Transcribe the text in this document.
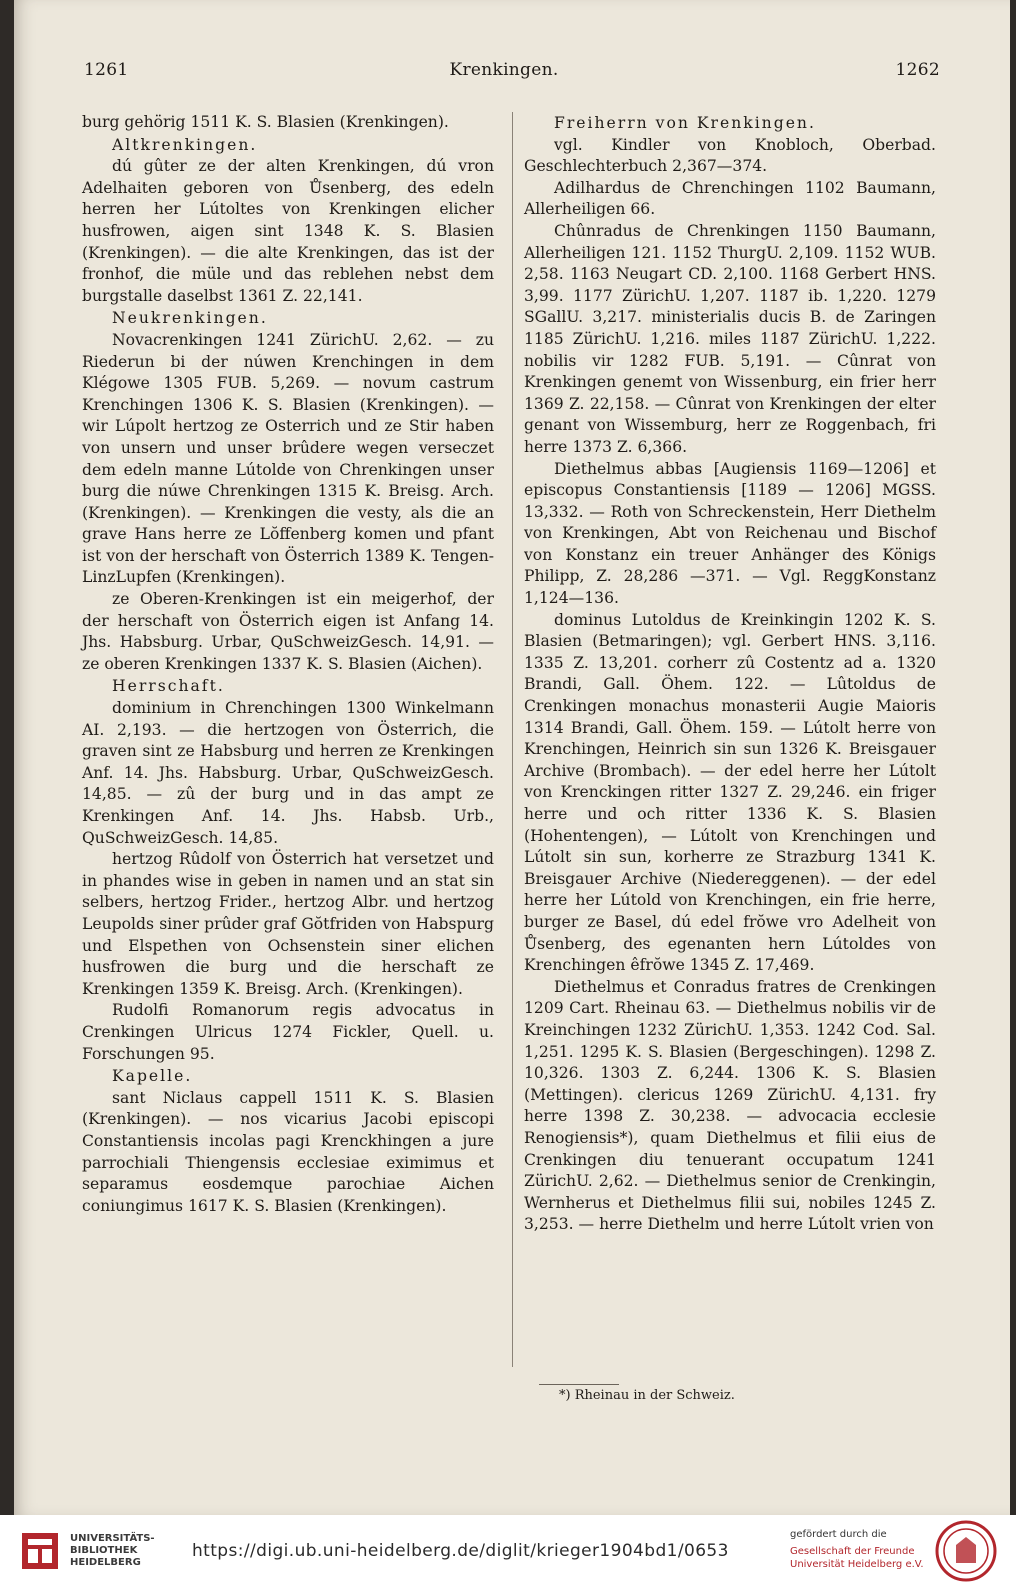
1261	Krenkingen.	1262

burg gehörig 1511 K. S. Blasien (Krenkingen).

Altkrenkingen.

dú gûter ze der alten Krenkingen, dú vron Adelhaiten geboren von Ůsenberg, des edeln herren her Lútoltes von Krenkingen elicher husfrowen, aigen sint 1348 K. S. Blasien (Krenkingen). — die alte Krenkingen, das ist der fronhof, die müle und das reblehen nebst dem burgstalle daselbst 1361 Z. 22,141.

Neukrenkingen.

Novacrenkingen 1241 ZürichU. 2,62. — zu Riederun bi der núwen Krenchingen in dem Klégowe 1305 FUB. 5,269. — novum castrum Krenchingen 1306 K. S. Blasien (Krenkingen). — wir Lúpolt hertzog ze Osterrich und ze Stir haben von unsern und unser brûdere wegen verseczet dem edeln manne Lútolde von Chrenkingen unser burg die núwe Chrenkingen 1315 K. Breisg. Arch. (Krenkingen). — Krenkingen die vesty, als die an grave Hans herre ze Lŏffenberg komen und pfant ist von der herschaft von Österrich 1389 K. Tengen-LinzLupfen (Krenkingen).

ze Oberen-Krenkingen ist ein meigerhof, der der herschaft von Österrich eigen ist Anfang 14. Jhs. Habsburg. Urbar, QuSchweizGesch. 14,91. — ze oberen Krenkingen 1337 K. S. Blasien (Aichen).

Herrschaft.

dominium in Chrenchingen 1300 Winkelmann AI. 2,193. — die hertzogen von Österrich, die graven sint ze Habsburg und herren ze Krenkingen Anf. 14. Jhs. Habsburg. Urbar, QuSchweizGesch. 14,85. — zû der burg und in das ampt ze Krenkingen Anf. 14. Jhs. Habsb. Urb., QuSchweizGesch. 14,85.

hertzog Rûdolf von Österrich hat versetzet und in phandes wise in geben in namen und an stat sin selbers, hertzog Frider., hertzog Albr. und hertzog Leupolds siner prûder graf Gŏtfriden von Habspurg und Elspethen von Ochsenstein siner elichen husfrowen die burg und die herschaft ze Krenkingen 1359 K. Breisg. Arch. (Krenkingen).

Rudolfi Romanorum regis advocatus in Crenkingen Ulricus 1274 Fickler, Quell. u. Forschungen 95.

Kapelle.

sant Niclaus cappell 1511 K. S. Blasien (Krenkingen). — nos vicarius Jacobi episcopi Constantiensis incolas pagi Krenckhingen a jure parrochiali Thiengensis ecclesiae eximimus et separamus eosdemque parochiae Aichen coniungimus 1617 K. S. Blasien (Krenkingen).

Freiherrn von Krenkingen.

vgl. Kindler von Knobloch, Oberbad. Geschlechterbuch 2,367—374.

Adilhardus de Chrenchingen 1102 Baumann, Allerheiligen 66.

Chûnradus de Chrenkingen 1150 Baumann, Allerheiligen 121. 1152 ThurgU. 2,109. 1152 WUB. 2,58. 1163 Neugart CD. 2,100. 1168 Gerbert HNS. 3,99. 1177 ZürichU. 1,207. 1187 ib. 1,220. 1279 SGallU. 3,217. ministerialis ducis B. de Zaringen 1185 ZürichU. 1,216. miles 1187 ZürichU. 1,222. nobilis vir 1282 FUB. 5,191. — Cûnrat von Krenkingen genemt von Wissenburg, ein frier herr 1369 Z. 22,158. — Cûnrat von Krenkingen der elter genant von Wissemburg, herr ze Roggenbach, fri herre 1373 Z. 6,366.

Diethelmus abbas [Augiensis 1169—1206] et episcopus Constantiensis [1189 — 1206] MGSS. 13,332. — Roth von Schreckenstein, Herr Diethelm von Krenkingen, Abt von Reichenau und Bischof von Konstanz ein treuer Anhänger des Königs Philipp, Z. 28,286 —371. — Vgl. ReggKonstanz 1,124—136.

dominus Lutoldus de Kreinkingin 1202 K. S. Blasien (Betmaringen); vgl. Gerbert HNS. 3,116. 1335 Z. 13,201. corherr zû Costentz ad a. 1320 Brandi, Gall. Öhem. 122. — Lûtoldus de Crenkingen monachus monasterii Augie Maioris 1314 Brandi, Gall. Öhem. 159. — Lútolt herre von Krenchingen, Heinrich sin sun 1326 K. Breisgauer Archive (Brombach). — der edel herre her Lútolt von Krenckingen ritter 1327 Z. 29,246. ein friger herre und och ritter 1336 K. S. Blasien (Hohentengen), — Lútolt von Krenchingen und Lútolt sin sun, korherre ze Strazburg 1341 K. Breisgauer Archive (Niedereggenen). — der edel herre her Lútold von Krenchingen, ein frie herre, burger ze Basel, dú edel frŏwe vro Adelheit von Ůsenberg, des egenanten hern Lútoldes von Krenchingen êfrŏwe 1345 Z. 17,469.

Diethelmus et Conradus fratres de Crenkingen 1209 Cart. Rheinau 63. — Diethelmus nobilis vir de Kreinchingen 1232 ZürichU. 1,353. 1242 Cod. Sal. 1,251. 1295 K. S. Blasien (Bergeschingen). 1298 Z. 10,326. 1303 Z. 6,244. 1306 K. S. Blasien (Mettingen). clericus 1269 ZürichU. 4,131. fry herre 1398 Z. 30,238. — advocacia ecclesie Renogiensis*), quam Diethelmus et filii eius de Crenkingen diu tenuerant occupatum 1241 ZürichU. 2,62. — Diethelmus senior de Crenkingin, Wernherus et Diethelmus filii sui, nobiles 1245 Z. 3,253. — herre Diethelm und herre Lútolt vrien von

*) Rheinau in der Schweiz.
UNIVERSITÄTS-
BIBLIOTHEK
HEIDELBERG
https://digi.ub.uni-heidelberg.de/diglit/krieger1904bd1/0653
gefördert durch die
Gesellschaft der Freunde
Universität Heidelberg e.V.
